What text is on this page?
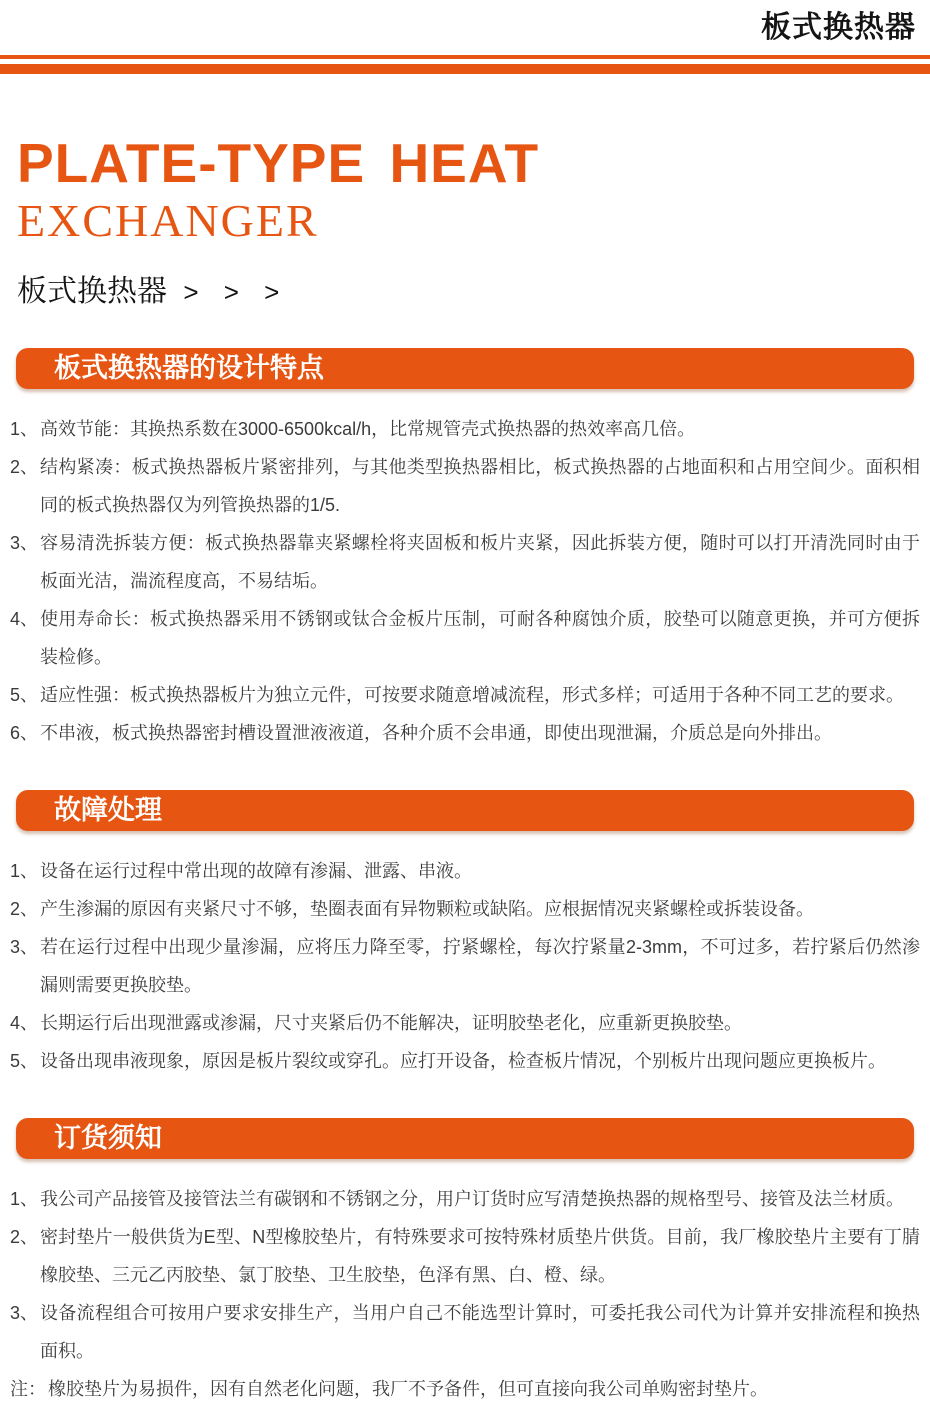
板式换热器
PLATE-TYPE HEAT
EXCHANGER
板式换热器 > > >
板式换热器的设计特点
1、 高效节能：其换热系数在3000-6500kcal/h，比常规管壳式换热器的热效率高几倍。
2、 结构紧凑：板式换热器板片紧密排列，与其他类型换热器相比，板式换热器的占地面积和占用空间少。面积相同的板式换热器仅为列管换热器的1/5.
3、 容易清洗拆装方便：板式换热器靠夹紧螺栓将夹固板和板片夹紧，因此拆装方便，随时可以打开清洗同时由于板面光洁，湍流程度高，不易结垢。
4、 使用寿命长：板式换热器采用不锈钢或钛合金板片压制，可耐各种腐蚀介质，胶垫可以随意更换，并可方便拆装检修。
5、 适应性强：板式换热器板片为独立元件，可按要求随意增减流程，形式多样；可适用于各种不同工艺的要求。
6、 不串液，板式换热器密封槽设置泄液液道，各种介质不会串通，即使出现泄漏，介质总是向外排出。
故障处理
1、 设备在运行过程中常出现的故障有渗漏、泄露、串液。
2、 产生渗漏的原因有夹紧尺寸不够，垫圈表面有异物颗粒或缺陷。应根据情况夹紧螺栓或拆装设备。
3、 若在运行过程中出现少量渗漏，应将压力降至零，拧紧螺栓，每次拧紧量2-3mm，不可过多，若拧紧后仍然渗漏则需要更换胶垫。
4、 长期运行后出现泄露或渗漏，尺寸夹紧后仍不能解决，证明胶垫老化，应重新更换胶垫。
5、 设备出现串液现象，原因是板片裂纹或穿孔。应打开设备，检查板片情况，个别板片出现问题应更换板片。
订货须知
1、 我公司产品接管及接管法兰有碳钢和不锈钢之分，用户订货时应写清楚换热器的规格型号、接管及法兰材质。
2、 密封垫片一般供货为E型、N型橡胶垫片，有特殊要求可按特殊材质垫片供货。目前，我厂橡胶垫片主要有丁腈橡胶垫、三元乙丙胶垫、氯丁胶垫、卫生胶垫，色泽有黑、白、橙、绿。
3、 设备流程组合可按用户要求安排生产，当用户自己不能选型计算时，可委托我公司代为计算并安排流程和换热面积。
注： 橡胶垫片为易损件，因有自然老化问题，我厂不予备件，但可直接向我公司单购密封垫片。
